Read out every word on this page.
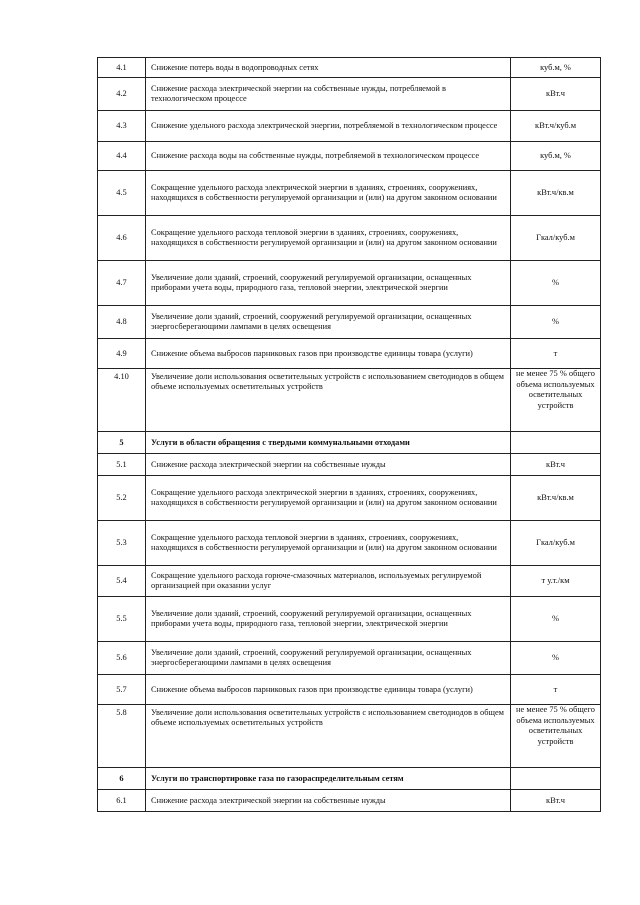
4.1	Снижение потерь воды в водопроводных сетях	куб.м, %
4.2	Снижение расхода электрической энергии на собственные нужды, потребляемой в технологическом процессе	кВт.ч
4.3	Снижение удельного расхода электрической энергии, потребляемой в технологическом процессе	кВт.ч/куб.м
4.4	Снижение расхода воды на собственные нужды, потребляемой в технологическом процессе	куб.м, %
4.5	Сокращение удельного расхода электрической энергии в зданиях, строениях, сооружениях, находящихся в собственности регулируемой организации и (или) на другом законном основании	кВт.ч/кв.м
4.6	Сокращение удельного расхода тепловой энергии в зданиях, строениях, сооружениях, находящихся в собственности регулируемой организации и (или) на другом законном основании	Гкал/куб.м
4.7	Увеличение доли зданий, строений, сооружений регулируемой организации, оснащенных приборами учета воды, природного газа, тепловой энергии, электрической энергии	%
4.8	Увеличение доли зданий, строений, сооружений регулируемой организации, оснащенных энергосберегающими лампами в целях освещения	%
4.9	Снижение объема выбросов парниковых газов при производстве единицы товара (услуги)	т
4.10	Увеличение доли использования осветительных устройств с использованием светодиодов в общем объеме используемых осветительных устройств	не менее 75 % общего объема используемых осветительных устройств
5	Услуги в области обращения с твердыми коммунальными отходами	
5.1	Снижение расхода электрической энергии на собственные нужды	кВт.ч
5.2	Сокращение удельного расхода электрической энергии в зданиях, строениях, сооружениях, находящихся в собственности регулируемой организации и (или) на другом законном основании	кВт.ч/кв.м
5.3	Сокращение удельного расхода тепловой энергии в зданиях, строениях, сооружениях, находящихся в собственности регулируемой организации и (или) на другом законном основании	Гкал/куб.м
5.4	Сокращение удельного расхода горюче-смазочных материалов, используемых регулируемой организацией при оказании услуг	т у.т./км
5.5	Увеличение доли зданий, строений, сооружений регулируемой организации, оснащенных приборами учета воды, природного газа, тепловой энергии, электрической энергии	%
5.6	Увеличение доли зданий, строений, сооружений регулируемой организации, оснащенных энергосберегающими лампами в целях освещения	%
5.7	Снижение объема выбросов парниковых газов при производстве единицы товара (услуги)	т
5.8	Увеличение доли использования осветительных устройств с использованием светодиодов в общем объеме используемых осветительных устройств	не менее 75 % общего объема используемых осветительных устройств
6	Услуги по транспортировке газа по газораспределительным сетям	
6.1	Снижение расхода электрической энергии на собственные нужды	кВт.ч
